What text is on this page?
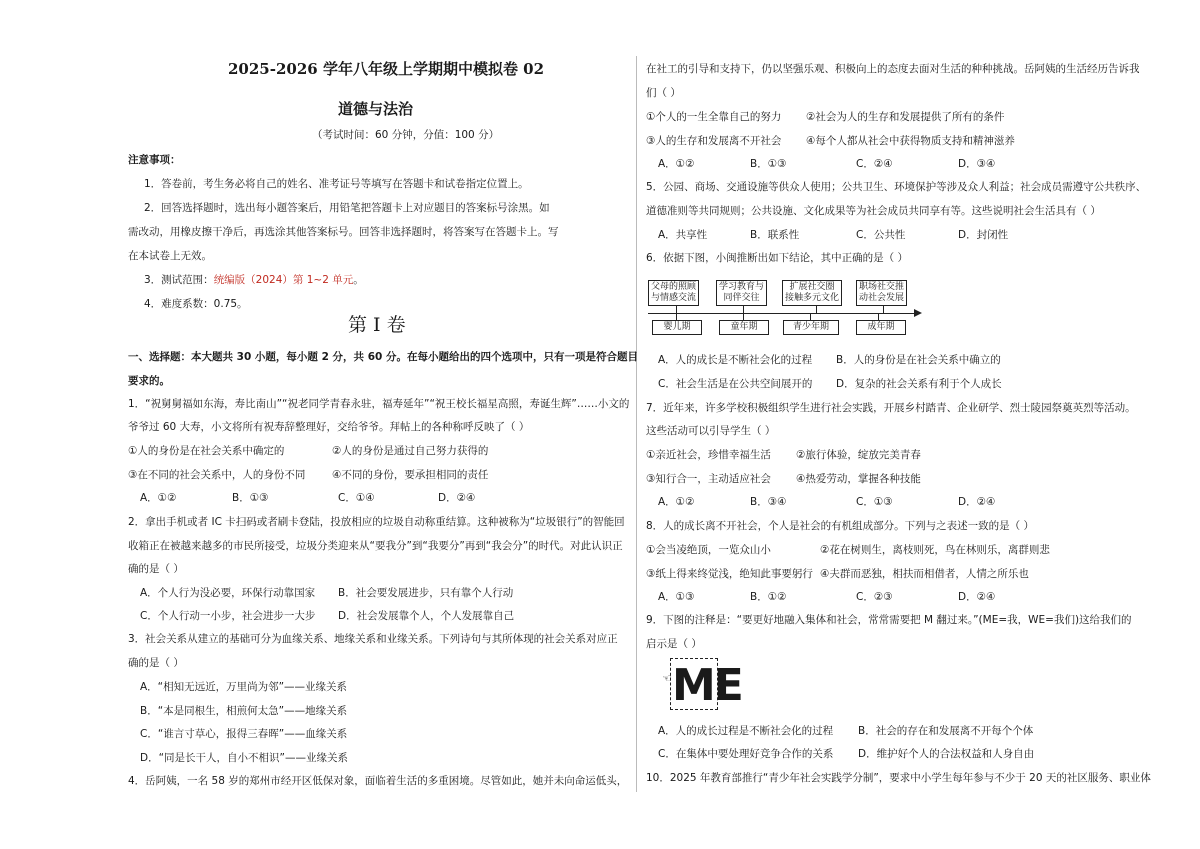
2025-2026 学年八年级上学期期中模拟卷 02
道德与法治
（考试时间：60 分钟，分值：100 分）
注意事项：
1．答卷前，考生务必将自己的姓名、准考证号等填写在答题卡和试卷指定位置上。
2．回答选择题时，选出每小题答案后，用铅笔把答题卡上对应题目的答案标号涂黑。如
需改动，用橡皮擦干净后，再选涂其他答案标号。回答非选择题时，将答案写在答题卡上。写
在本试卷上无效。
3．测试范围：统编版（2024）第 1~2 单元。
4．难度系数：0.75。
第 I 卷
一、选择题：本大题共 30 小题，每小题 2 分，共 60 分。在每小题给出的四个选项中，只有一项是符合题目
要求的。
1．“祝舅舅福如东海，寿比南山”“祝老同学青春永驻，福寿延年”“祝王校长福星高照，寿诞生辉”……小文的
爷爷过 60 大寿，小文将所有祝寿辞整理好，交给爷爷。拜帖上的各种称呼反映了（ ）
①人的身份是在社会关系中确定的	②人的身份是通过自己努力获得的
③在不同的社会关系中，人的身份不同	④不同的身份，要承担相同的责任
A．①②	B．①③	C．①④	D．②④
2．拿出手机或者 IC 卡扫码或者刷卡登陆，投放相应的垃圾自动称重结算。这种被称为“垃圾银行”的智能回
收箱正在被越来越多的市民所接受，垃圾分类迎来从“要我分”到“我要分”再到“我会分”的时代。对此认识正
确的是（ ）
A．个人行为没必要，环保行动靠国家 B．社会要发展进步，只有靠个人行动
C．个人行动一小步，社会进步一大步 D．社会发展靠个人，个人发展靠自己
3．社会关系从建立的基础可分为血缘关系、地缘关系和业缘关系。下列诗句与其所体现的社会关系对应正
确的是（ ）
A．“相知无远近，万里尚为邻”——业缘关系
B．“本是同根生，相煎何太急”——地缘关系
C．“谁言寸草心，报得三春晖”——血缘关系
D．“同是长干人，自小不相识”——业缘关系
4．岳阿姨，一名 58 岁的郑州市经开区低保对象，面临着生活的多重困境。尽管如此，她并未向命运低头，
在社工的引导和支持下，仍以坚强乐观、积极向上的态度去面对生活的种种挑战。岳阿姨的生活经历告诉我
们（ ）
①个人的一生全靠自己的努力 ②社会为人的生存和发展提供了所有的条件
③人的生存和发展离不开社会 ④每个人都从社会中获得物质支持和精神滋养
A．①②	B．①③	C．②④	D．③④
5．公园、商场、交通设施等供众人使用；公共卫生、环境保护等涉及众人利益；社会成员需遵守公共秩序、
道德准则等共同规则；公共设施、文化成果等为社会成员共同享有等。这些说明社会生活具有（ ）
A．共享性	B．联系性	C．公共性	D．封闭性
6．依据下图，小闽推断出如下结论，其中正确的是（ ）
父母的照顾
与情感交流
学习教育与
同伴交往
扩展社交圈
接触多元文化
职场社交推
动社会发展
婴儿期	童年期	青少年期	成年期
A．人的成长是不断社会化的过程 B．人的身份是在社会关系中确立的
C．社会生活是在公共空间展开的 D．复杂的社会关系有利于个人成长
7．近年来，许多学校积极组织学生进行社会实践，开展乡村踏青、企业研学、烈士陵园祭奠英烈等活动。
这些活动可以引导学生（ ）
①亲近社会，珍惜幸福生活 ②旅行体验，绽放完美青春
③知行合一，主动适应社会 ④热爱劳动，掌握各种技能
A．①②	B．③④	C．①③	D．②④
8．人的成长离不开社会，个人是社会的有机组成部分。下列与之表述一致的是（ ）
①会当凌绝顶，一览众山小	②花在树则生，离枝则死，鸟在林则乐，离群则悲
③纸上得来终觉浅，绝知此事要躬行 ④夫群而恶独，相扶而相借者，人情之所乐也
A．①③	B．①②	C．②③	D．②④
9．下图的注释是：“要更好地融入集体和社会，常常需要把 M 翻过来。”(ME=我，WE=我们)这给我们的
启示是（ ）
☜ ME
A．人的成长过程是不断社会化的过程 B．社会的存在和发展离不开每个个体
C．在集体中要处理好竞争合作的关系 D．维护好个人的合法权益和人身自由
10．2025 年教育部推行“青少年社会实践学分制”，要求中小学生每年参与不少于 20 天的社区服务、职业体
